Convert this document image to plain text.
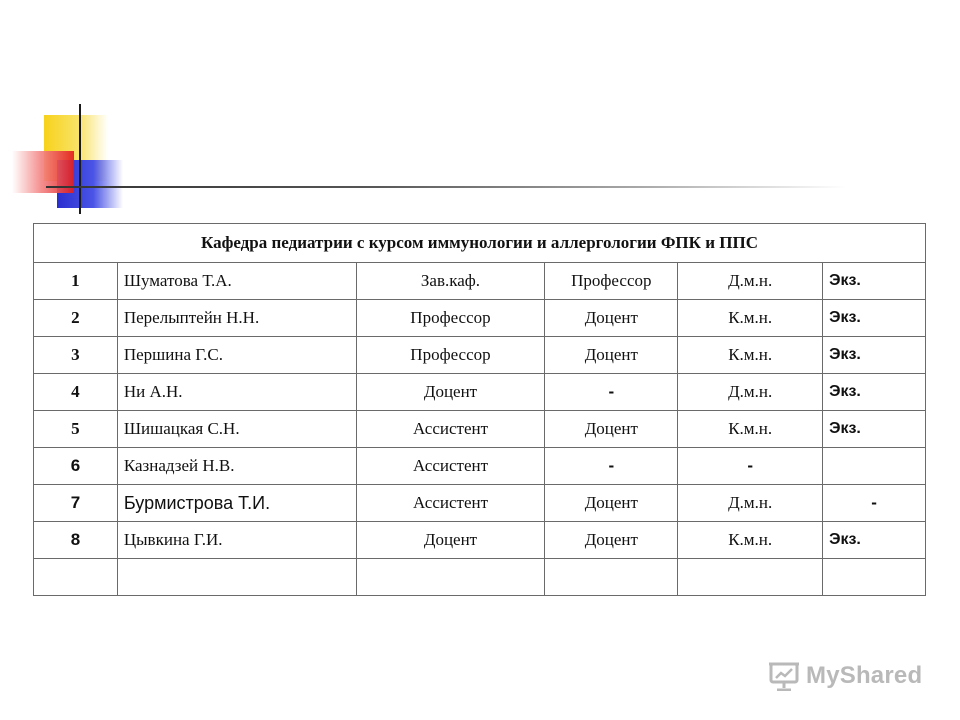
Кафедра педиатрии с курсом иммунологии и аллергологии ФПК и ППС					
1	Шуматова Т.А.	Зав.каф.	Профессор	Д.м.н.	Экз.
2	Перелыптейн Н.Н.	Профессор	Доцент	К.м.н.	Экз.
3	Першина Г.С.	Профессор	Доцент	К.м.н.	Экз.
4	Ни А.Н.	Доцент	-	Д.м.н.	Экз.
5	Шишацкая С.Н.	Ассистент	Доцент	К.м.н.	Экз.
6	Казнадзей Н.В.	Ассистент	-	-	
7	Бурмистрова Т.И.	Ассистент	Доцент	Д.м.н.	-
8	Цывкина Г.И.	Доцент	Доцент	К.м.н.	Экз.

MyShared
